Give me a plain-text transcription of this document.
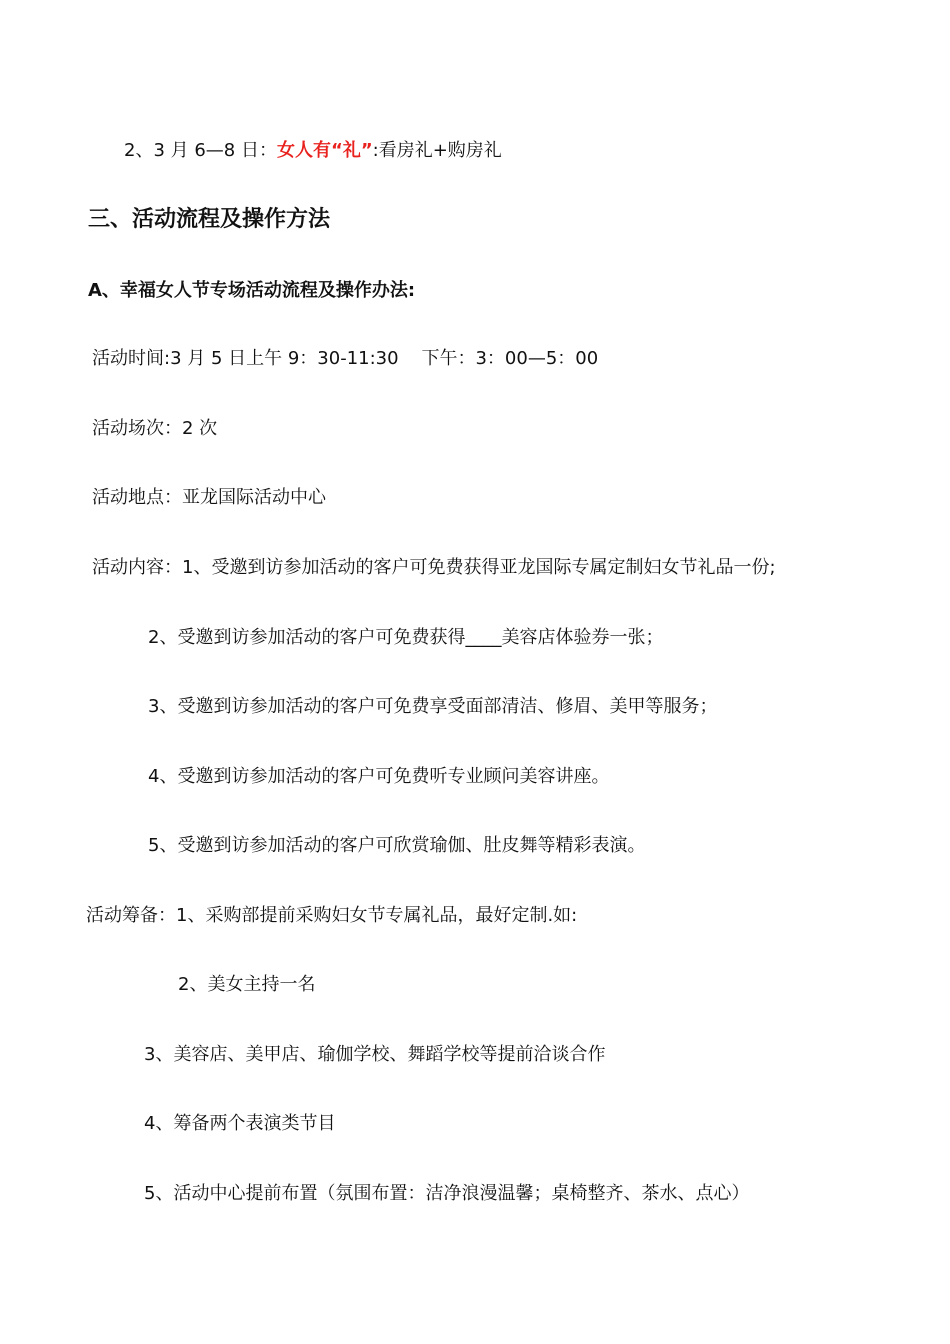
2、3 月 6—8 日：女人有“礼”:看房礼+购房礼
三、活动流程及操作方法
A、幸福女人节专场活动流程及操作办法:
活动时间:3 月 5 日上午 9：30-11:30    下午：3：00—5：00
活动场次：2 次
活动地点：亚龙国际活动中心
活动内容：1、受邀到访参加活动的客户可免费获得亚龙国际专属定制妇女节礼品一份;
2、受邀到访参加活动的客户可免费获得____美容店体验券一张；
3、受邀到访参加活动的客户可免费享受面部清洁、修眉、美甲等服务；
4、受邀到访参加活动的客户可免费听专业顾问美容讲座。
5、受邀到访参加活动的客户可欣赏瑜伽、肚皮舞等精彩表演。
活动筹备：1、采购部提前采购妇女节专属礼品，最好定制.如:
2、美女主持一名
3、美容店、美甲店、瑜伽学校、舞蹈学校等提前洽谈合作
4、筹备两个表演类节目
5、活动中心提前布置（氛围布置：洁净浪漫温馨；桌椅整齐、茶水、点心）
